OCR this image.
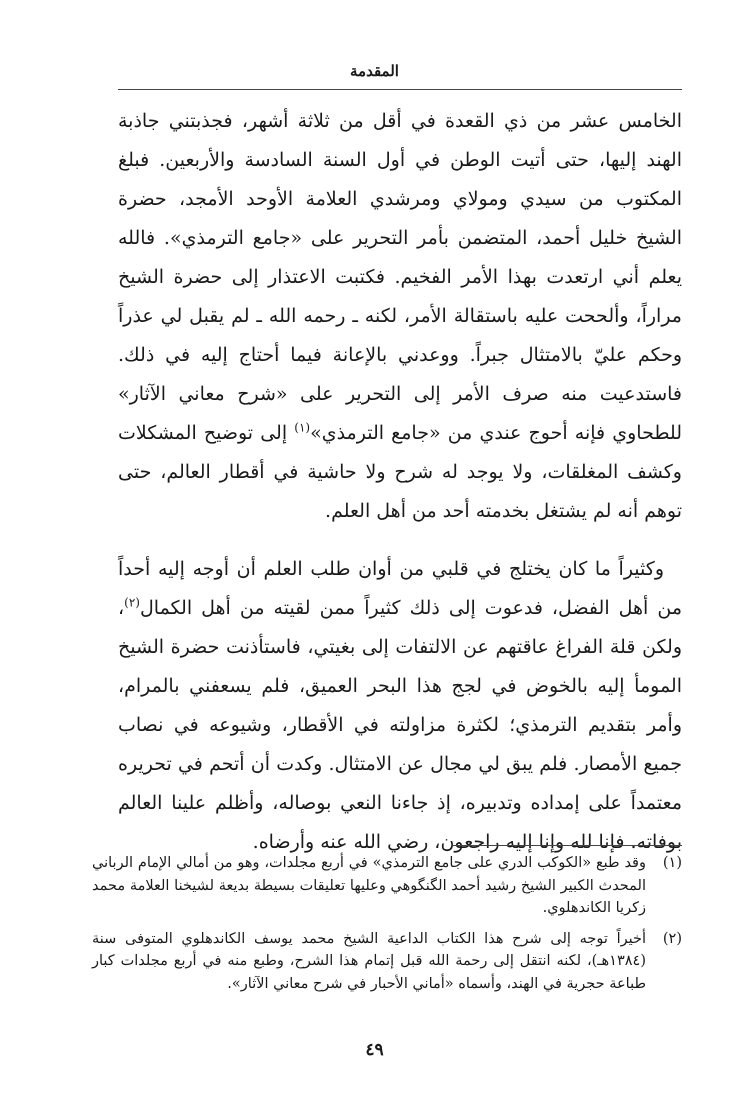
المقدمة

الخامس عشر من ذي القعدة في أقل من ثلاثة أشهر، فجذبتني جاذبة الهند إليها، حتى أتيت الوطن في أول السنة السادسة والأربعين. فبلغ المكتوب من سيدي ومولاي ومرشدي العلامة الأوحد الأمجد، حضرة الشيخ خليل أحمد، المتضمن بأمر التحرير على «جامع الترمذي». فالله يعلم أني ارتعدت بهذا الأمر الفخيم. فكتبت الاعتذار إلى حضرة الشيخ مراراً، وألححت عليه باستقالة الأمر، لكنه ـ رحمه الله ـ لم يقبل لي عذراً وحكم عليّ بالامتثال جبراً. ووعدني بالإعانة فيما أحتاج إليه في ذلك. فاستدعيت منه صرف الأمر إلى التحرير على «شرح معاني الآثار» للطحاوي فإنه أحوج عندي من «جامع الترمذي»$^{(١)}$ إلى توضيح المشكلات وكشف المغلقات، ولا يوجد له شرح ولا حاشية في أقطار العالم، حتى توهم أنه لم يشتغل بخدمته أحد من أهل العلم.

وكثيراً ما كان يختلج في قلبي من أوان طلب العلم أن أوجه إليه أحداً من أهل الفضل، فدعوت إلى ذلك كثيراً ممن لقيته من أهل الكمال$^{(٢)}$، ولكن قلة الفراغ عاقتهم عن الالتفات إلى بغيتي، فاستأذنت حضرة الشيخ المومأ إليه بالخوض في لجج هذا البحر العميق، فلم يسعفني بالمرام، وأمر بتقديم الترمذي؛ لكثرة مزاولته في الأقطار، وشيوعه في نصاب جميع الأمصار. فلم يبق لي مجال عن الامتثال. وكدت أن أتحم في تحريره معتمداً على إمداده وتدبيره، إذ جاءنا النعي بوصاله، وأظلم علينا العالم بوفاته. فإنا لله وإنا إليه راجعون، رضي الله عنه وأرضاه.

(١)
وقد طبع «الكوكب الدري على جامع الترمذي» في أربع مجلدات، وهو من أمالي الإمام الرباني المحدث الكبير الشيخ رشيد أحمد الگنگوهي وعليها تعليقات بسيطة بديعة لشيخنا العلامة محمد زكريا الكاندهلوي.
(٢)
أخيراً توجه إلى شرح هذا الكتاب الداعية الشيخ محمد يوسف الكاندهلوي المتوفى سنة (١٣٨٤هـ)، لكنه انتقل إلى رحمة الله قبل إتمام هذا الشرح، وطبع منه في أربع مجلدات كبار طباعة حجرية في الهند، وأسماه «أماني الأحبار في شرح معاني الآثار».
٤٩
